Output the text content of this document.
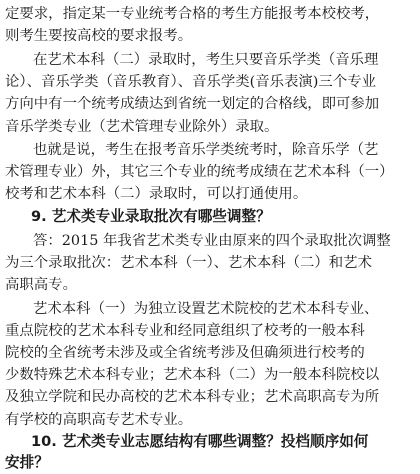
定要求，指定某一专业统考合格的考生方能报考本校校考，
则考生要按高校的要求报考。
在艺术本科（二）录取时，考生只要音乐学类（音乐理
论）、音乐学类（音乐教育）、音乐学类(音乐表演)三个专业
方向中有一个统考成绩达到省统一划定的合格线，即可参加
音乐学类专业（艺术管理专业除外）录取。
也就是说，考生在报考音乐学类统考时，除音乐学（艺
术管理专业）外，其它三个专业的统考成绩在艺术本科（一）
校考和艺术本科（二）录取时，可以打通使用。
9. 艺术类专业录取批次有哪些调整？
答：2015 年我省艺术类专业由原来的四个录取批次调整
为三个录取批次：艺术本科（一）、艺术本科（二）和艺术
高职高专。
艺术本科（一）为独立设置艺术院校的艺术本科专业、
重点院校的艺术本科专业和经同意组织了校考的一般本科
院校的全省统考未涉及或全省统考涉及但确须进行校考的
少数特殊艺术本科专业；艺术本科（二）为一般本科院校以
及独立学院和民办高校的艺术本科专业；艺术高职高专为所
有学校的高职高专艺术专业。
10. 艺术类专业志愿结构有哪些调整？投档顺序如何
安排？
